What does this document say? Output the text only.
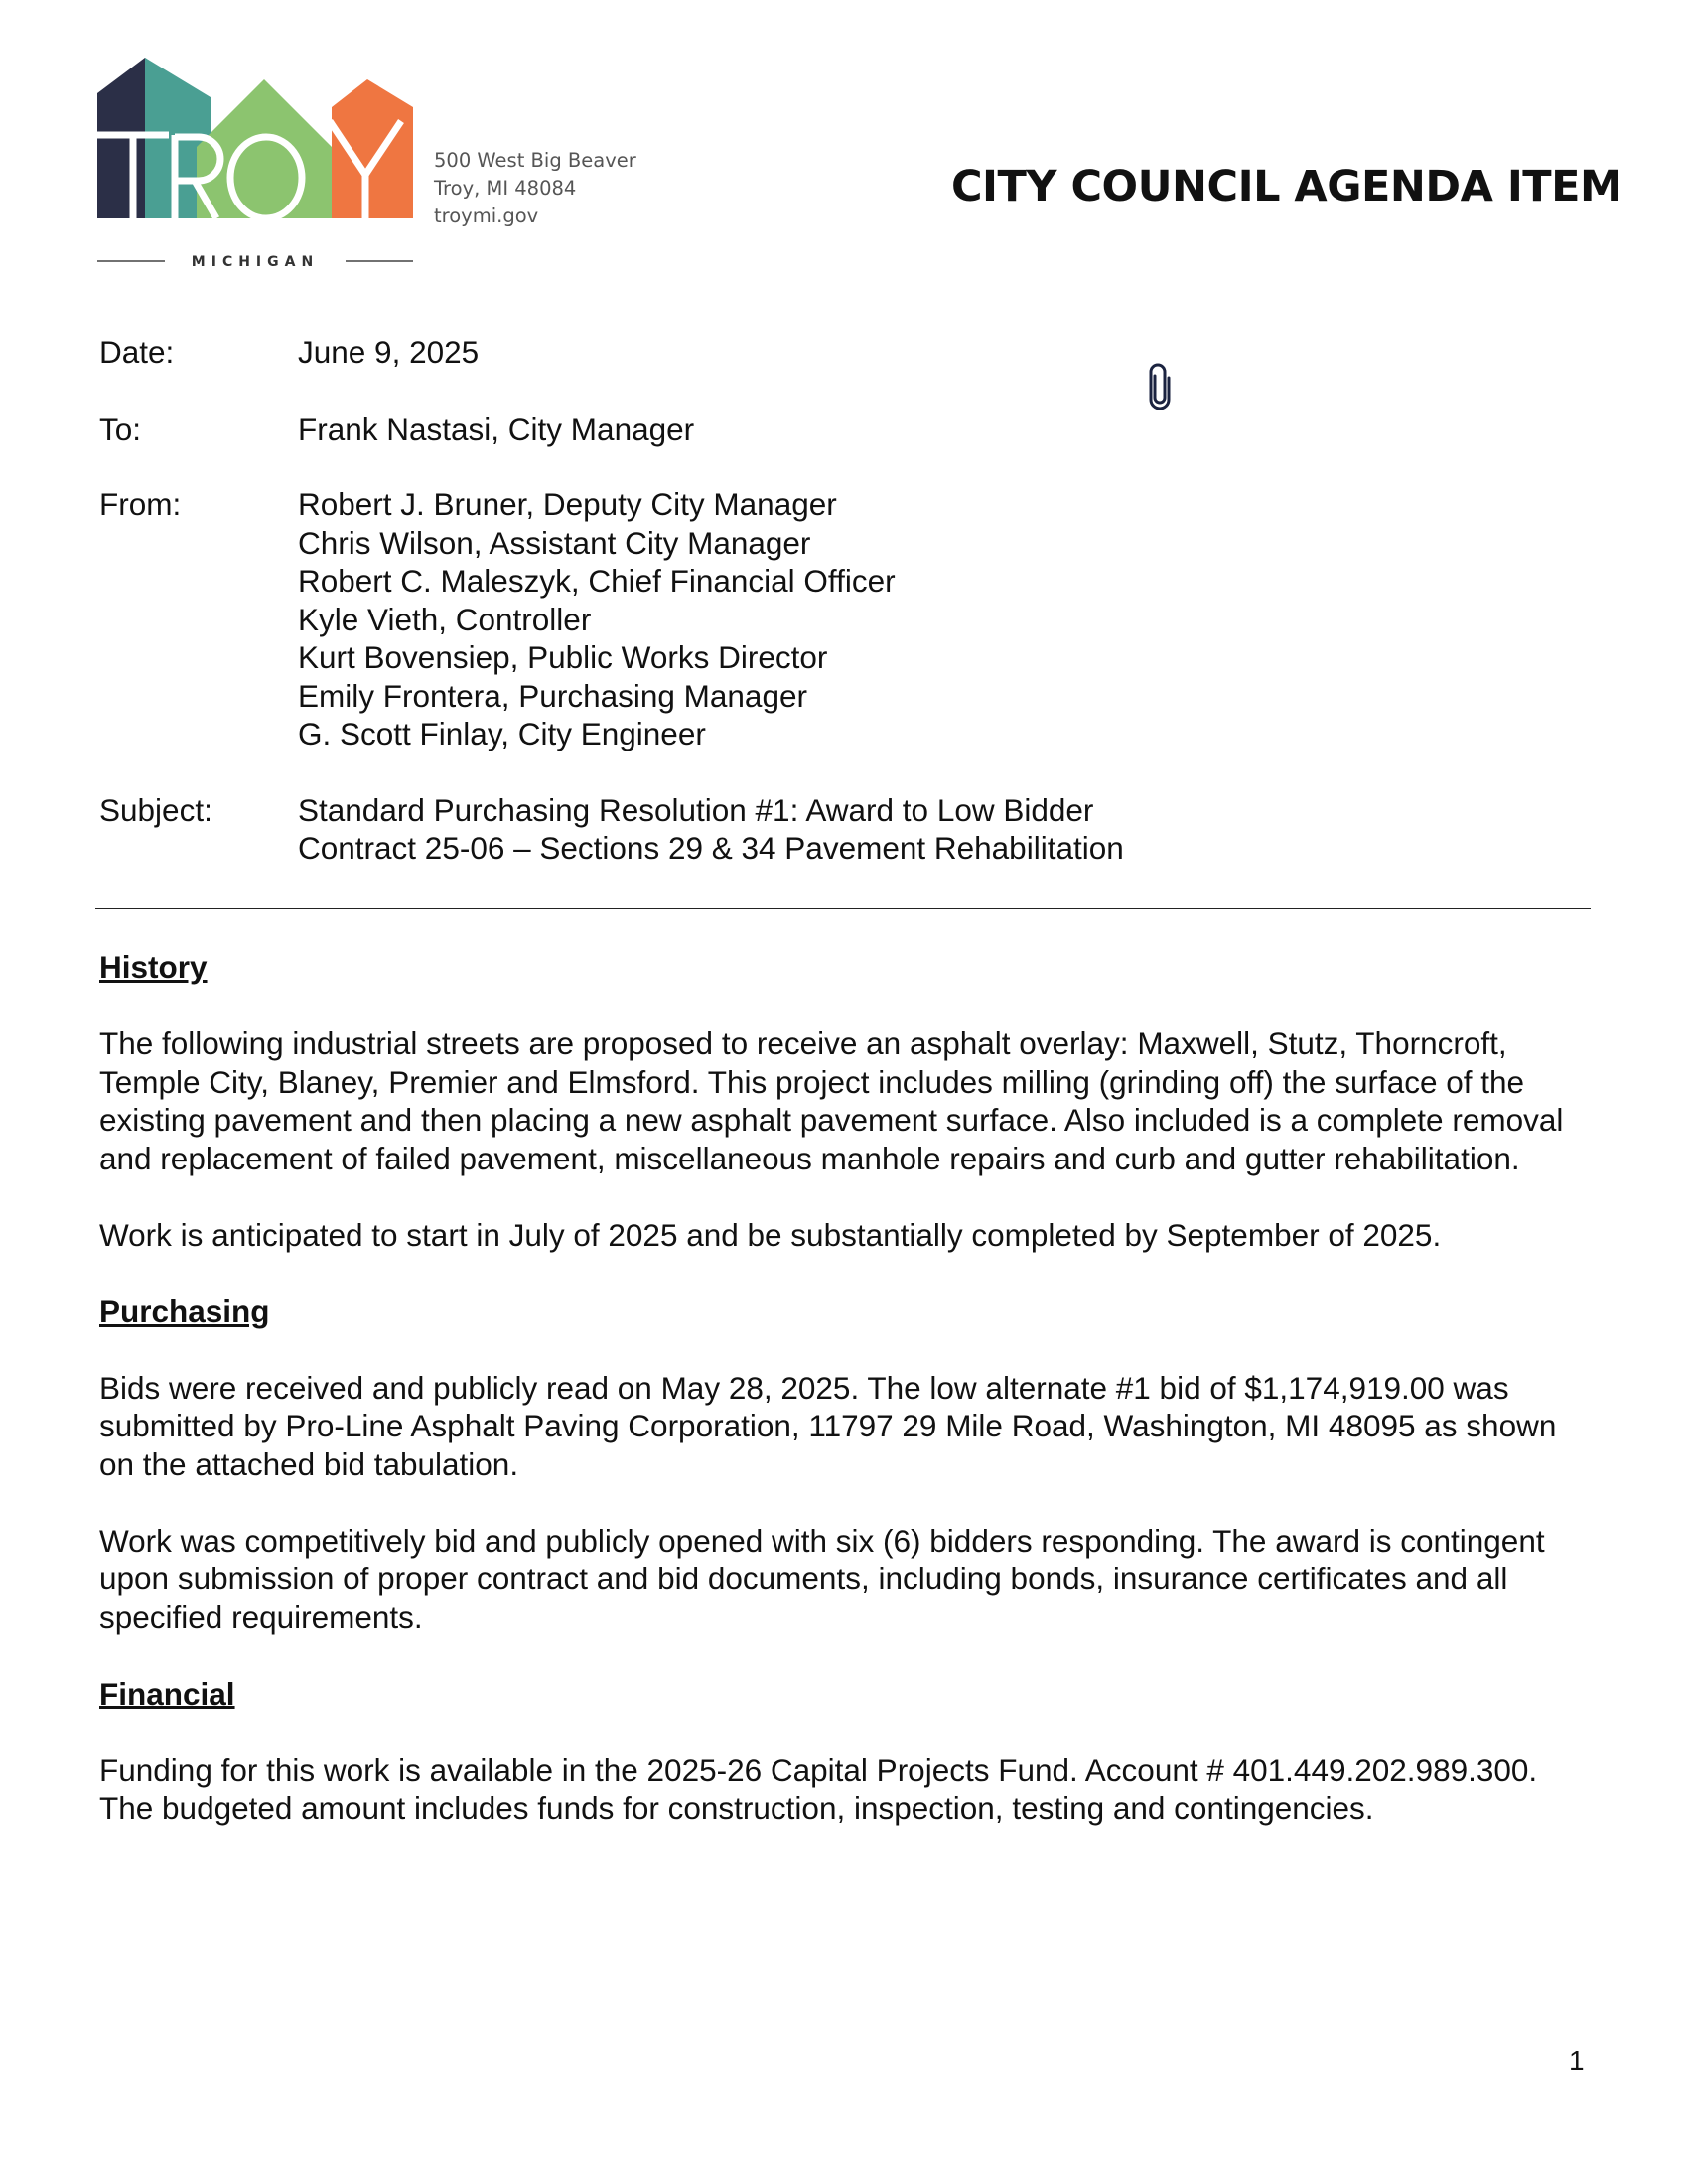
MICHIGAN
500 West Big Beaver
Troy, MI 48084
troymi.gov
CITY COUNCIL AGENDA ITEM
Date:	June 9, 2025
To:	Frank Nastasi, City Manager
From:	Robert J. Bruner, Deputy City Manager
Chris Wilson, Assistant City Manager
Robert C. Maleszyk, Chief Financial Officer
Kyle Vieth, Controller
Kurt Bovensiep, Public Works Director
Emily Frontera, Purchasing Manager
G. Scott Finlay, City Engineer
Subject:	Standard Purchasing Resolution #1: Award to Low Bidder
Contract 25-06 – Sections 29 & 34 Pavement Rehabilitation
History

The following industrial streets are proposed to receive an asphalt overlay: Maxwell, Stutz, Thorncroft, Temple City, Blaney, Premier and Elmsford. This project includes milling (grinding off) the surface of the existing pavement and then placing a new asphalt pavement surface. Also included is a complete removal and replacement of failed pavement, miscellaneous manhole repairs and curb and gutter rehabilitation.

Work is anticipated to start in July of 2025 and be substantially completed by September of 2025.

Purchasing

Bids were received and publicly read on May 28, 2025. The low alternate #1 bid of $1,174,919.00 was submitted by Pro-Line Asphalt Paving Corporation, 11797 29 Mile Road, Washington, MI 48095 as shown on the attached bid tabulation.

Work was competitively bid and publicly opened with six (6) bidders responding. The award is contingent upon submission of proper contract and bid documents, including bonds, insurance certificates and all specified requirements.

Financial

Funding for this work is available in the 2025-26 Capital Projects Fund. Account # 401.449.202.989.300. The budgeted amount includes funds for construction, inspection, testing and contingencies.

1
